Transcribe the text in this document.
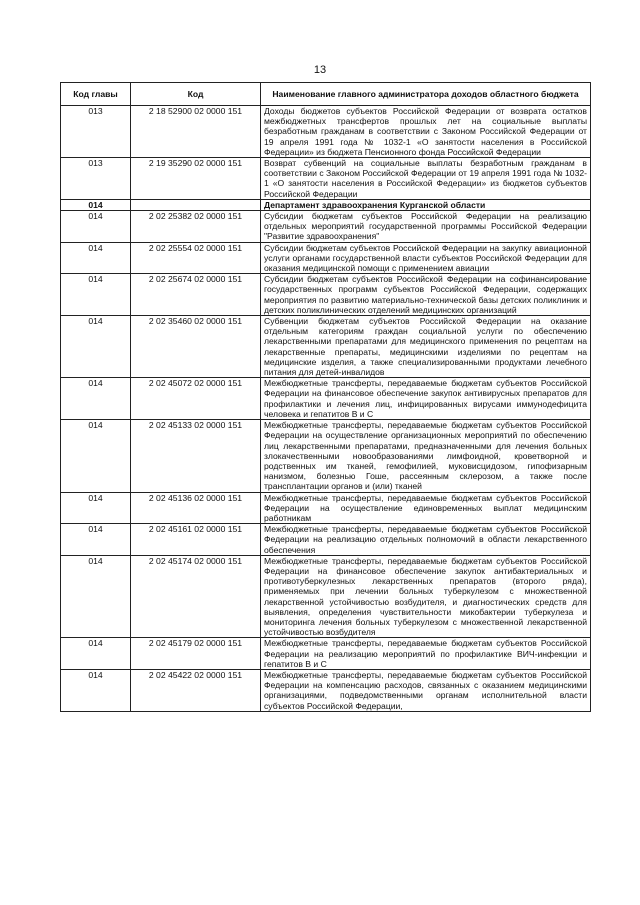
13
Код главы	Код	Наименование главного администратора доходов областного бюджета
013	2 18 52900 02 0000 151	Доходы бюджетов субъектов Российской Федерации от возврата остатков межбюджетных трансфертов прошлых лет на социальные выплаты безработным гражданам в соответствии с Законом Российской Федерации от 19 апреля 1991 года № 1032-1 «О занятости населения в Российской Федерации» из бюджета Пенсионного фонда Российской Федерации
013	2 19 35290 02 0000 151	Возврат субвенций на социальные выплаты безработным гражданам в соответствии с Законом Российской Федерации от 19 апреля 1991 года № 1032-1 «О занятости населения в Российской Федерации» из бюджетов субъектов Российской Федерации
014		Департамент здравоохранения Курганской области
014	2 02 25382 02 0000 151	Субсидии бюджетам субъектов Российской Федерации на реализацию отдельных мероприятий государственной программы Российской Федерации "Развитие здравоохранения"
014	2 02 25554 02 0000 151	Субсидии бюджетам субъектов Российской Федерации на закупку авиационной услуги органами государственной власти субъектов Российской Федерации для оказания медицинской помощи с применением авиации
014	2 02 25674 02 0000 151	Субсидии бюджетам субъектов Российской Федерации на софинансирование государственных программ субъектов Российской Федерации, содержащих мероприятия по развитию материально-технической базы детских поликлиник и детских поликлинических отделений медицинских организаций
014	2 02 35460 02 0000 151	Субвенции бюджетам субъектов Российской Федерации на оказание отдельным категориям граждан социальной услуги по обеспечению лекарственными препаратами для медицинского применения по рецептам на лекарственные препараты, медицинскими изделиями по рецептам на медицинские изделия, а также специализированными продуктами лечебного питания для детей-инвалидов
014	2 02 45072 02 0000 151	Межбюджетные трансферты, передаваемые бюджетам субъектов Российской Федерации на финансовое обеспечение закупок антивирусных препаратов для профилактики и лечения лиц, инфицированных вирусами иммунодефицита человека и гепатитов В и С
014	2 02 45133 02 0000 151	Межбюджетные трансферты, передаваемые бюджетам субъектов Российской Федерации на осуществление организационных мероприятий по обеспечению лиц лекарственными препаратами, предназначенными для лечения больных злокачественными новообразованиями лимфоидной, кроветворной и родственных им тканей, гемофилией, муковисцидозом, гипофизарным нанизмом, болезнью Гоше, рассеянным склерозом, а также после трансплантации органов и (или) тканей
014	2 02 45136 02 0000 151	Межбюджетные трансферты, передаваемые бюджетам субъектов Российской Федерации на осуществление единовременных выплат медицинским работникам
014	2 02 45161 02 0000 151	Межбюджетные трансферты, передаваемые бюджетам субъектов Российской Федерации на реализацию отдельных полномочий в области лекарственного обеспечения
014	2 02 45174 02 0000 151	Межбюджетные трансферты, передаваемые бюджетам субъектов Российской Федерации на финансовое обеспечение закупок антибактериальных и противотуберкулезных лекарственных препаратов (второго ряда), применяемых при лечении больных туберкулезом с множественной лекарственной устойчивостью возбудителя, и диагностических средств для выявления, определения чувствительности микобактерии туберкулеза и мониторинга лечения больных туберкулезом с множественной лекарственной устойчивостью возбудителя
014	2 02 45179 02 0000 151	Межбюджетные трансферты, передаваемые бюджетам субъектов Российской Федерации на реализацию мероприятий по профилактике ВИЧ-инфекции и гепатитов В и С
014	2 02 45422 02 0000 151	Межбюджетные трансферты, передаваемые бюджетам субъектов Российской Федерации на компенсацию расходов, связанных с оказанием медицинскими организациями, подведомственными органам исполнительной власти субъектов Российской Федерации,
